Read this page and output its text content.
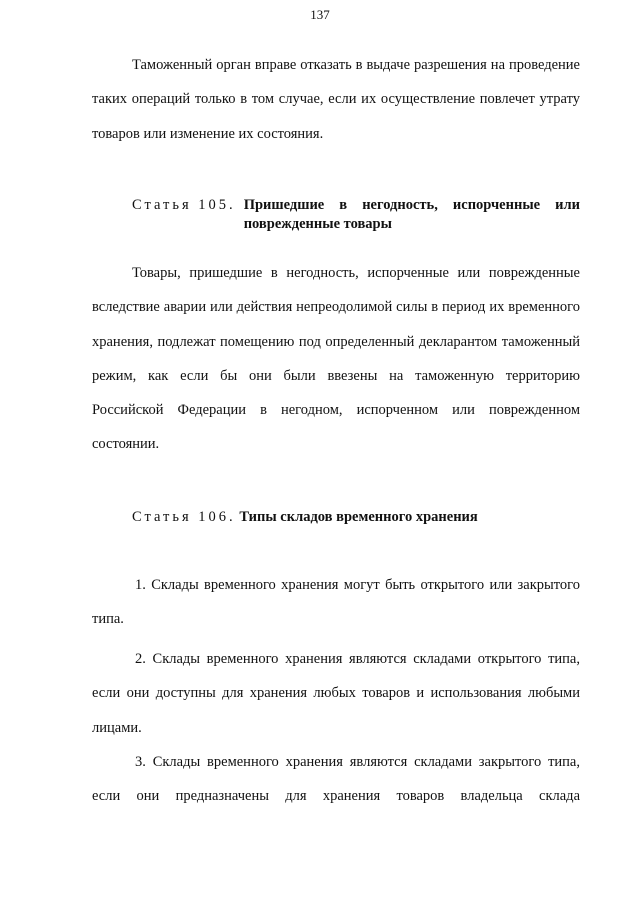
137

Таможенный орган вправе отказать в выдаче разрешения на проведение таких операций только в том случае, если их осуществление повлечет утрату товаров или изменение их состояния.

Статья 105. Пришедшие в негодность, испорченные или
поврежденные товары

Товары, пришедшие в негодность, испорченные или поврежденные вследствие аварии или действия непреодолимой силы в период их временного хранения, подлежат помещению под определенный декларантом таможенный режим, как если бы они были ввезены на таможенную территорию Российской Федерации в негодном, испорченном или поврежденном состоянии.

Статья 106. Типы складов временного хранения

1. Склады временного хранения могут быть открытого или закрытого типа.

2. Склады временного хранения являются складами открытого типа, если они доступны для хранения любых товаров и использования любыми лицами.

3. Склады временного хранения являются складами закрытого типа, если они предназначены для хранения товаров владельца склада
